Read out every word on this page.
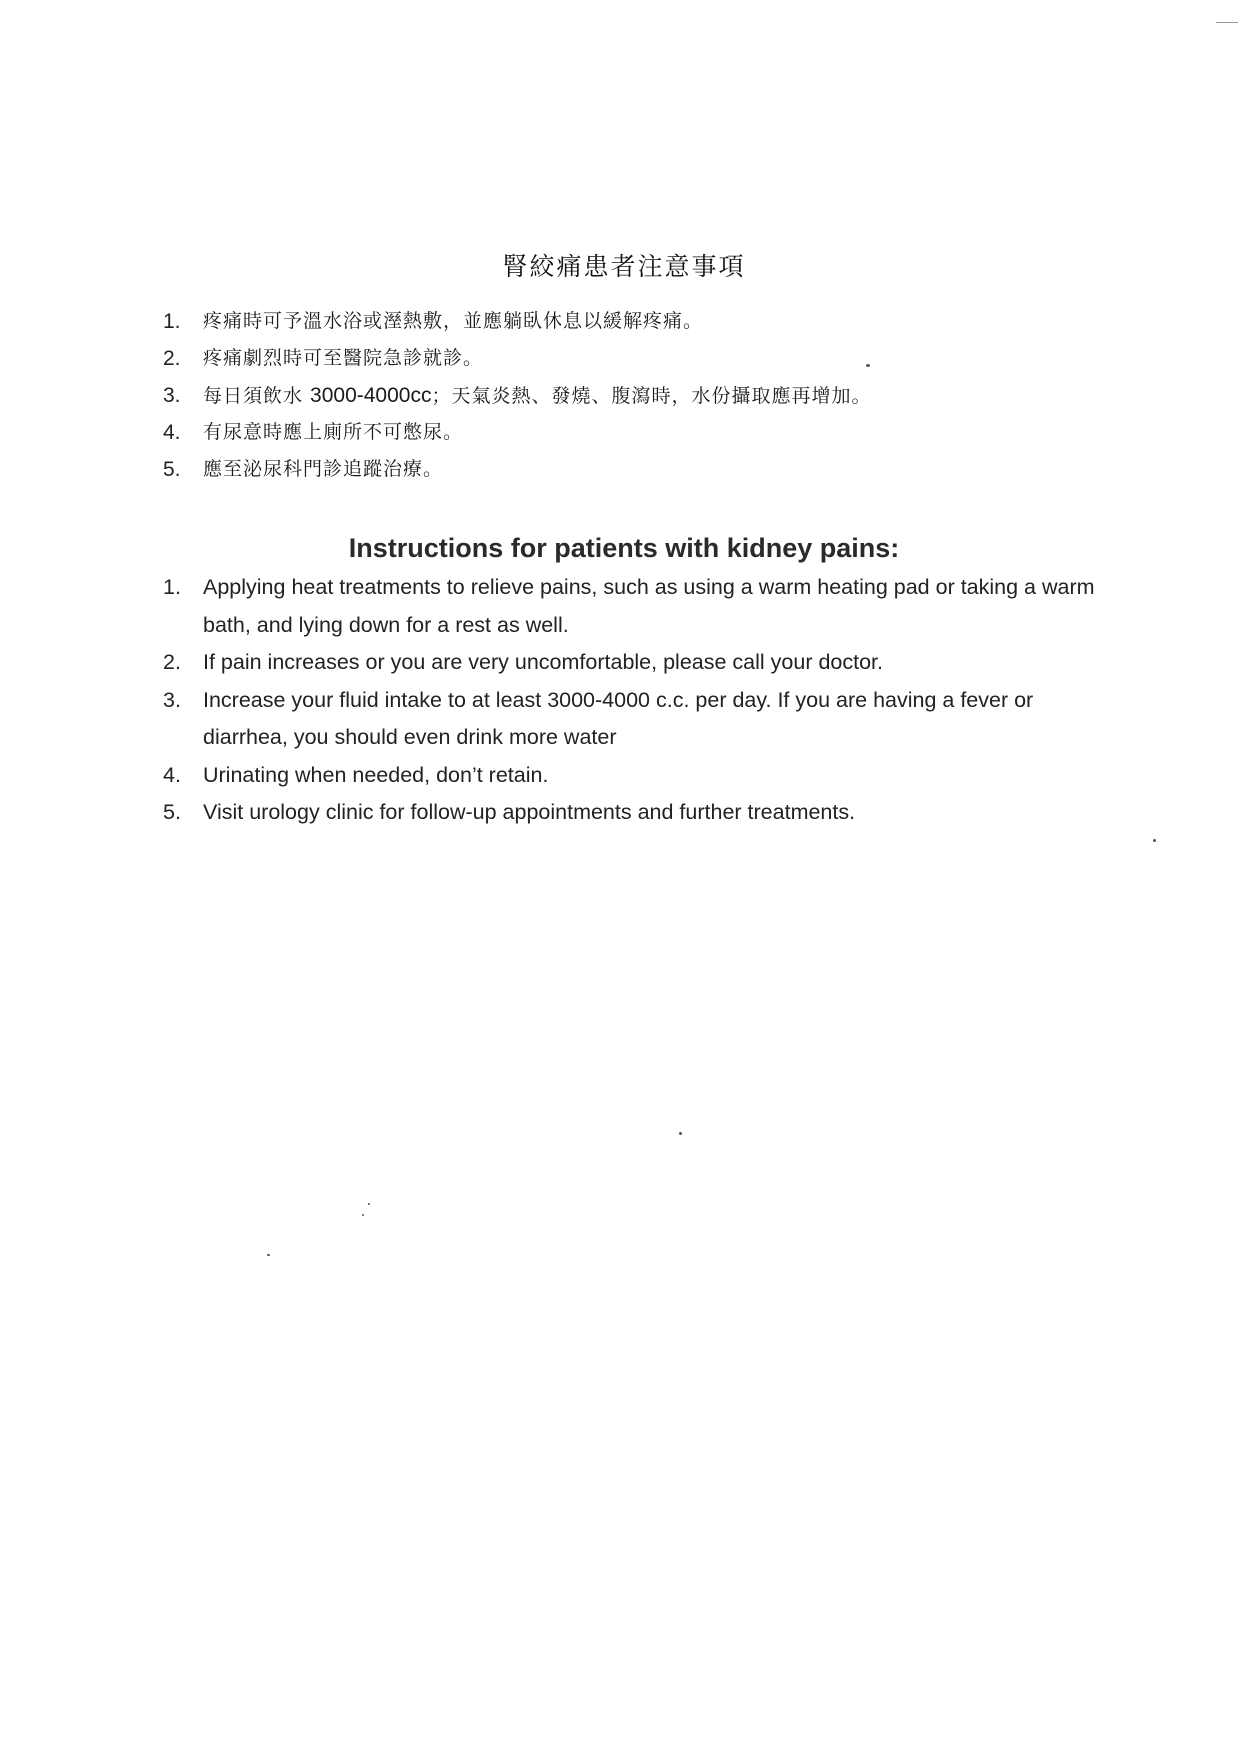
腎絞痛患者注意事項
1.	疼痛時可予溫水浴或溼熱敷，並應躺臥休息以緩解疼痛。
2.	疼痛劇烈時可至醫院急診就診。
3.	每日須飲水 3000-4000cc；天氣炎熱、發燒、腹瀉時，水份攝取應再增加。
4.	有尿意時應上廁所不可憋尿。
5.	應至泌尿科門診追蹤治療。
Instructions for patients with kidney pains:
1.	Applying heat treatments to relieve pains, such as using a warm heating pad or taking a warm bath, and lying down for a rest as well.
2.	If pain increases or you are very uncomfortable, please call your doctor.
3.	Increase your fluid intake to at least 3000-4000 c.c. per day. If you are having a fever or diarrhea, you should even drink more water
4.	Urinating when needed, don’t retain.
5.	Visit urology clinic for follow-up appointments and further treatments.
